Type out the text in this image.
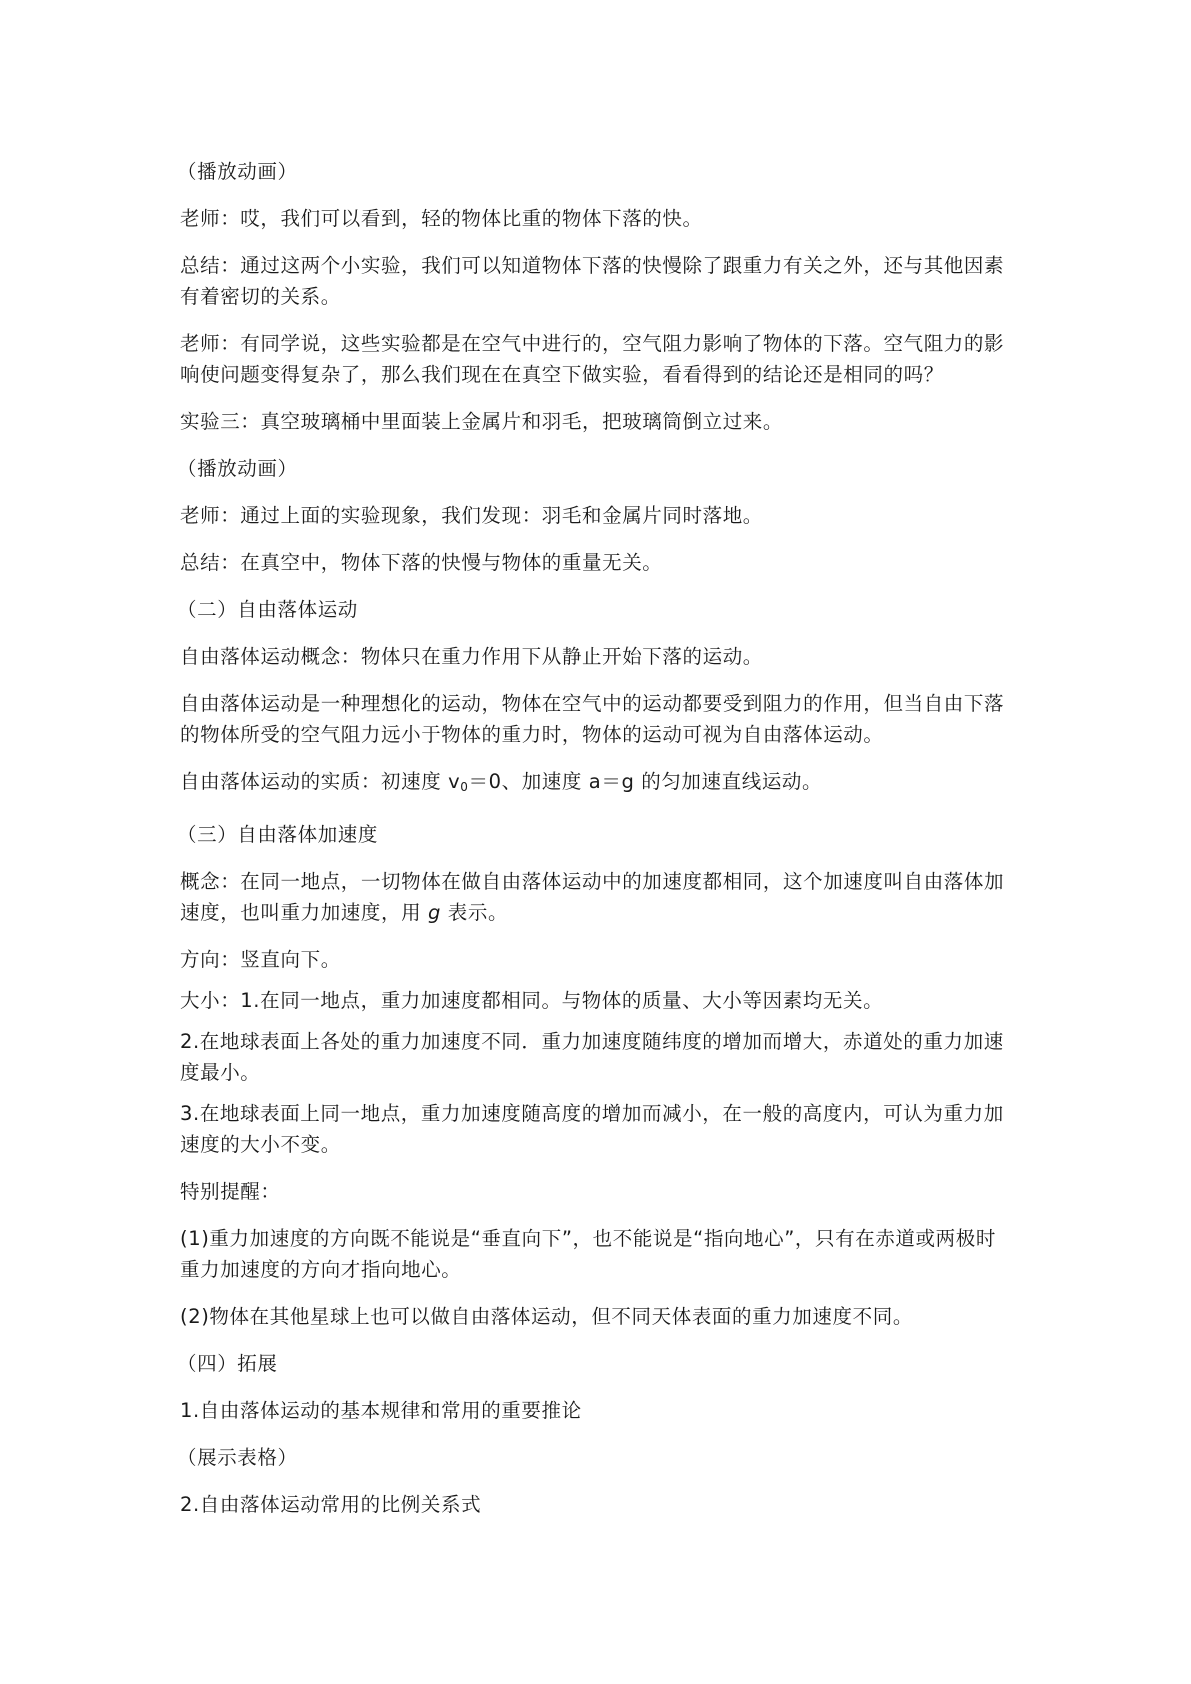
（播放动画）

老师：哎，我们可以看到，轻的物体比重的物体下落的快。

总结：通过这两个小实验，我们可以知道物体下落的快慢除了跟重力有关之外，还与其他因素有着密切的关系。

老师：有同学说，这些实验都是在空气中进行的，空气阻力影响了物体的下落。空气阻力的影响使问题变得复杂了，那么我们现在在真空下做实验，看看得到的结论还是相同的吗？

实验三：真空玻璃桶中里面装上金属片和羽毛，把玻璃筒倒立过来。

（播放动画）

老师：通过上面的实验现象，我们发现：羽毛和金属片同时落地。

总结：在真空中，物体下落的快慢与物体的重量无关。

（二）自由落体运动

自由落体运动概念：物体只在重力作用下从静止开始下落的运动。

自由落体运动是一种理想化的运动，物体在空气中的运动都要受到阻力的作用，但当自由下落的物体所受的空气阻力远小于物体的重力时，物体的运动可视为自由落体运动。

自由落体运动的实质：初速度 $v_0=0$、加速度 a＝g 的匀加速直线运动。

（三）自由落体加速度

概念：在同一地点，一切物体在做自由落体运动中的加速度都相同，这个加速度叫自由落体加速度，也叫重力加速度，用 g 表示。

方向：竖直向下。

大小：1.在同一地点，重力加速度都相同。与物体的质量、大小等因素均无关。

2.在地球表面上各处的重力加速度不同．重力加速度随纬度的增加而增大，赤道处的重力加速度最小。

3.在地球表面上同一地点，重力加速度随高度的增加而减小，在一般的高度内，可认为重力加速度的大小不变。

特别提醒：

(1)重力加速度的方向既不能说是“垂直向下”，也不能说是“指向地心”，只有在赤道或两极时重力加速度的方向才指向地心。

(2)物体在其他星球上也可以做自由落体运动，但不同天体表面的重力加速度不同。

（四）拓展

1.自由落体运动的基本规律和常用的重要推论

（展示表格）

2.自由落体运动常用的比例关系式
